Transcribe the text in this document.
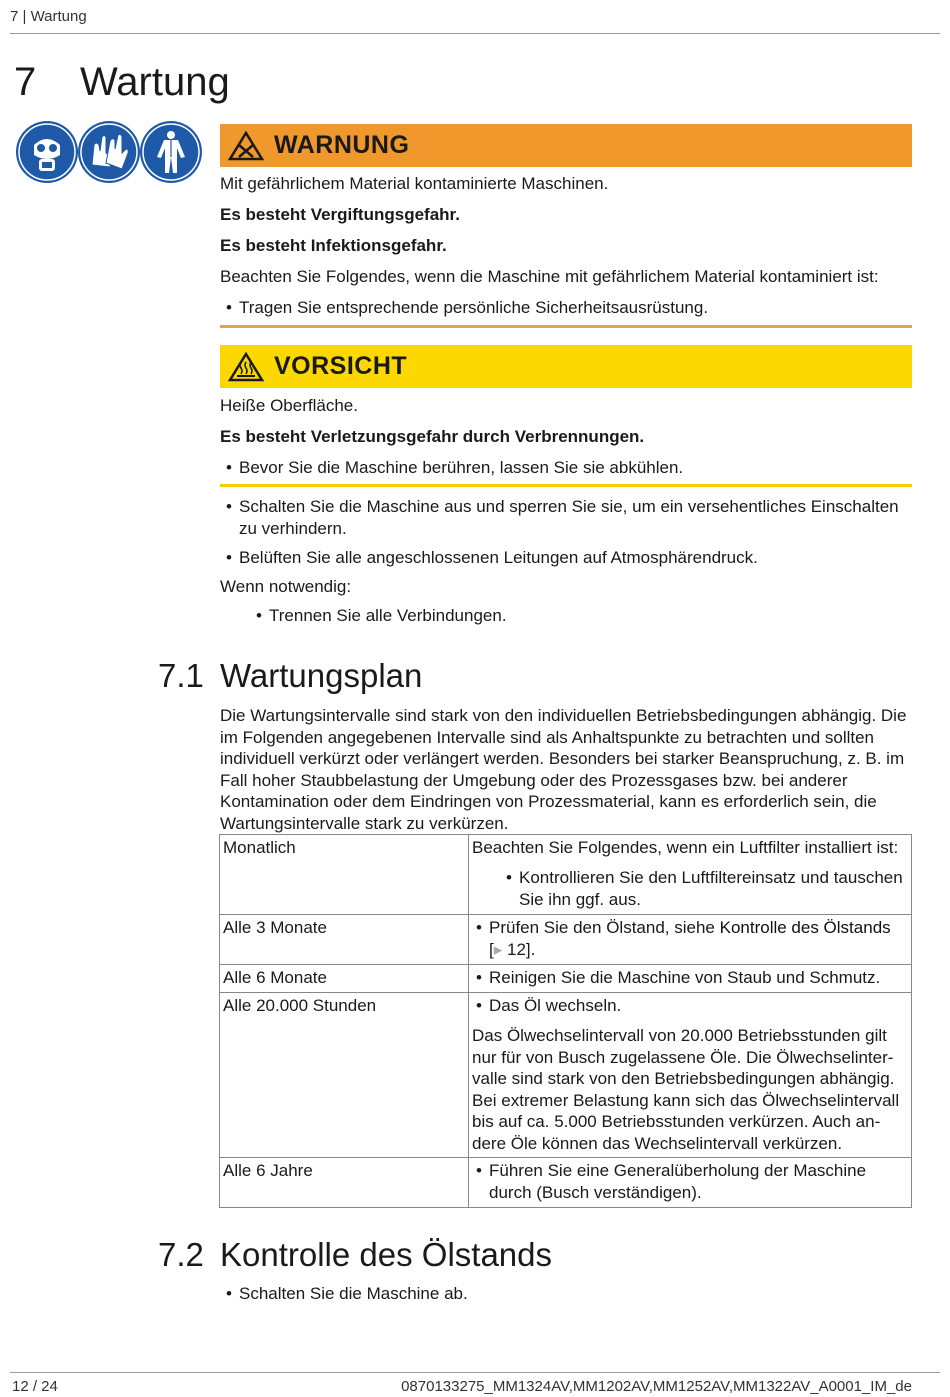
7 | Wartung
7 Wartung
WARNUNG
Mit gefährlichem Material kontaminierte Maschinen.
Es besteht Vergiftungsgefahr.
Es besteht Infektionsgefahr.
Beachten Sie Folgendes, wenn die Maschine mit gefährlichem Material kontaminiert ist:
• Tragen Sie entsprechende persönliche Sicherheitsausrüstung.
VORSICHT
Heiße Oberfläche.
Es besteht Verletzungsgefahr durch Verbrennungen.
• Bevor Sie die Maschine berühren, lassen Sie sie abkühlen.
• Schalten Sie die Maschine aus und sperren Sie sie, um ein versehentliches Einschalten zu verhindern.
• Belüften Sie alle angeschlossenen Leitungen auf Atmosphärendruck.
Wenn notwendig:
• Trennen Sie alle Verbindungen.
7.1 Wartungsplan
Die Wartungsintervalle sind stark von den individuellen Betriebsbedingungen abhängig. Die im Folgenden angegebenen Intervalle sind als Anhaltspunkte zu betrachten und sollten individuell verkürzt oder verlängert werden. Besonders bei starker Beanspruchung, z. B. im Fall hoher Staubbelastung der Umgebung oder des Prozessgases bzw. bei anderer Kontamination oder dem Eindringen von Prozessmaterial, kann es erforderlich sein, die Wartungsintervalle stark zu verkürzen.
Monatlich	Beachten Sie Folgendes, wenn ein Luftfilter installiert ist:
• Kontrollieren Sie den Luftfiltereinsatz und tauschen Sie ihn ggf. aus.

Alle 3 Monate	• Prüfen Sie den Ölstand, siehe Kontrolle des Ölstands
[▸ 12].

Alle 6 Monate	• Reinigen Sie die Maschine von Staub und Schmutz.

Alle 20.000 Stunden	• Das Öl wechseln.
Das Ölwechselintervall von 20.000 Betriebsstunden gilt nur für von Busch zugelassene Öle. Die Ölwechselintervalle sind stark von den Betriebsbedingungen abhängig. Bei extremer Belastung kann sich das Ölwechselintervall bis auf ca. 5.000 Betriebsstunden verkürzen. Auch andere Öle können das Wechselintervall verkürzen.

Alle 6 Jahre	• Führen Sie eine Generalüberholung der Maschine durch (Busch verständigen).
7.2 Kontrolle des Ölstands
• Schalten Sie die Maschine ab.
12 / 24	0870133275_MM1324AV,MM1202AV,MM1252AV,MM1322AV_A0001_IM_de
